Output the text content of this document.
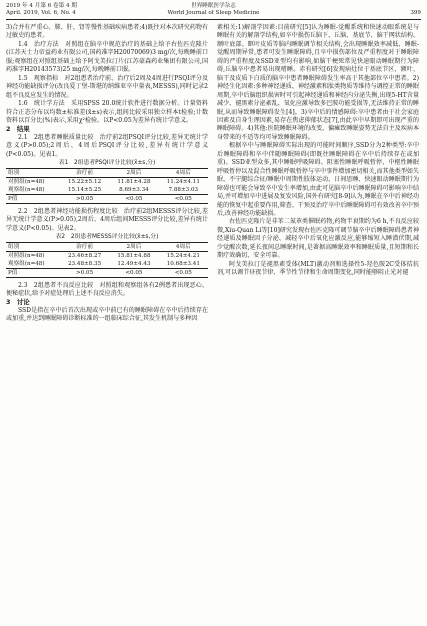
2019 年 4 月第 6 卷第 4 期	世界睡眠医学杂志
April. 2019, Vol. 6, No. 4	World Journal of Sleep Medicine	399

3)合并有严重心、肺、肝、肾等慢性基础疾病患者;4)既往对本次研究药物有过敏史的患者。

1.4　治疗方法　对照组在脑卒中规范治疗的基础上给予右佐匹克隆片(江苏天士力帝益药业有限公司,国药准字H20070069)3 mg/次,每晚睡前口服;观察组在对照组基础上给予阿戈美拉汀片(江苏豪森药业集团有限公司,国药准字H20143573)25 mg/次,每晚睡前口服。

1.5　观察指标　对2组患者治疗前、治疗后2周及4周进行PSQI评分及神经功能缺损评分(改良爱丁堡-斯堪的纳维亚卒中量表,MESSS),同时记录2组不良反应发生的情况。

1.6　统计学方法　采用SPSS 20.0统计软件进行数据分析。计量资料符合正态分布以均数±标准差(x̄±s)表示,组间比较采用独立样本t检验;计数资料以百分比(%)表示,采用χ²检验。以P<0.05为差异有统计学意义。

2　结果

2.1　2组患者睡眠质量比较　治疗前2组PSQI评分比较,差异无统计学意义(P>0.05);2周后、4周后PSQI评分比较,差异有统计学意义(P<0.05)。见表1。

表1　2组患者PSQI评分比较(x̄±s,分)

组别	治疗前	2周后	4周后
对照组(n=48)	15.22±5.12	11.81±4.28	11.24±4.11
观察组(n=48)	15.14±5.25	8.69±3.34	7.88±3.03
P值	>0.05	<0.05	<0.05

2.2　2组患者神经功能损伤程度比较　治疗前2组MESSS评分比较,差异无统计学意义(P>0.05),2周后、4周后组间MESSS评分比较,差异有统计学意义(P<0.05)。见表2。

表2　2组患者MESSS评分比较(x̄±s,分)

组别	治疗前	2周后	4周后
对照组(n=48)	23.46±8.27	15.81±4.88	15.24±4.21
观察组(n=48)	23.48±8.35	12.49±4.43	10.68±3.41
P值	>0.05	<0.05	<0.05

2.3　2组患者不良反应比较　对照组和观察组各有2例患者出现恶心、便秘症状,给予对症处理后上述不良反应消失。

3　讨论

SSD是指在卒中后首次出现或卒中前已有的睡眠障碍在卒中后持续存在或加重,并达到睡眠障碍诊断标准的一组临床综合征,其发生机制与多种因

素相关:1)解剖学因素:目前研究[5]认为睡眠-觉醒系统和快速动眼系统是与睡眠有关的解剖学结构,如卒中损伤丘脑下、丘脑、基底节、脑干网状结构、额叶底部、眶叶皮质等脑内睡眠调节相关结构,会出现睡眠效率减低、睡眠-觉醒周期异常,患者可发生睡眠障碍,且卒中损伤部位及严重程度对于睡眠障碍的严重程度及SSD亚型均有影响,如脑干梗死常见快速眼动睡眠期行为障碍,丘脑卒中患者易出现嗜睡。赤有研究[6]发现病灶位于基底节区、额叶、脑干及皮质下白质的脑卒中患者睡眠障碍发生率高于其他部位卒中患者。2)神经生化因素:多种神经递质、神经激素和肽类物质等维持与调控正常的睡眠周期,卒中后脑组织损害时可引起神经递质和神经内分泌失衡,出现5-HT含量减少、褪黑素分泌紊乱、氧化应激导致多巴胺功能受损等,无法维持正常的睡眠,从而导致睡眠障碍发生[4]。3)卒中后的情感障碍:卒中患者由于社会家庭因素及自身生理因素,易存在焦虑抑郁状态[7],由此卒中早期即可出现严重的睡眠障碍。4)其他:医院睡眠环境的改变、偏瘫致睡眠姿势无法自主及疾病本身带来的不适等均可导致睡眠障碍。

根据卒中与睡眠障碍实际出现的可能时间顺序,SSD分为2种类型:卒中后睡眠障碍和卒中伴随睡眠障碍(即既往睡眠障碍在卒中后持续存在或加重)。SSD亚型众多,其中睡眠呼吸障碍、阻塞性睡眠呼吸暂停、中枢性睡眠呼吸暂停以及混合性睡眠呼吸暂停与卒中事件增加密切相关,而其他类型如失眠、不宁腿综合征/睡眠中周期性肢体运动、日间思睡、快速眼动睡眠期行为障碍也可能会导致卒中发生率增加,由此可见脑卒中后睡眠障碍可影响卒中结局,并可增加卒中进展及复发风险,国外有研究[8-9]认为,睡眠在卒中后神经功能的恢复中起重要作用,筛查、干预及治疗卒中后睡眠障碍可有效改善卒中预后,改善神经功能缺损。

右佐匹克隆片是非苯二氮䓬类催眠药物,药物半衰期约为6 h,不良反应较微,Xiu-Quan Li等[10]研究发现右佐匹克隆可调节脑卒中后睡眠障碍患者神经递质及睡眠因子分泌、减轻卒中后氧化应激反应,能够缩短入睡潜伏期,减少觉醒次数,延长夜间总睡眠时间,是著据高睡眠效率和睡眠质量,且短期和长期疗效确切、安全可靠。

阿戈美拉汀是褪黑素受体(MLT)激动剂和选择性5-羟色胺2C受体拮抗剂,可以调节昼夜节律、季节性节律和生命周期变化,同时能够阻止光对褪
